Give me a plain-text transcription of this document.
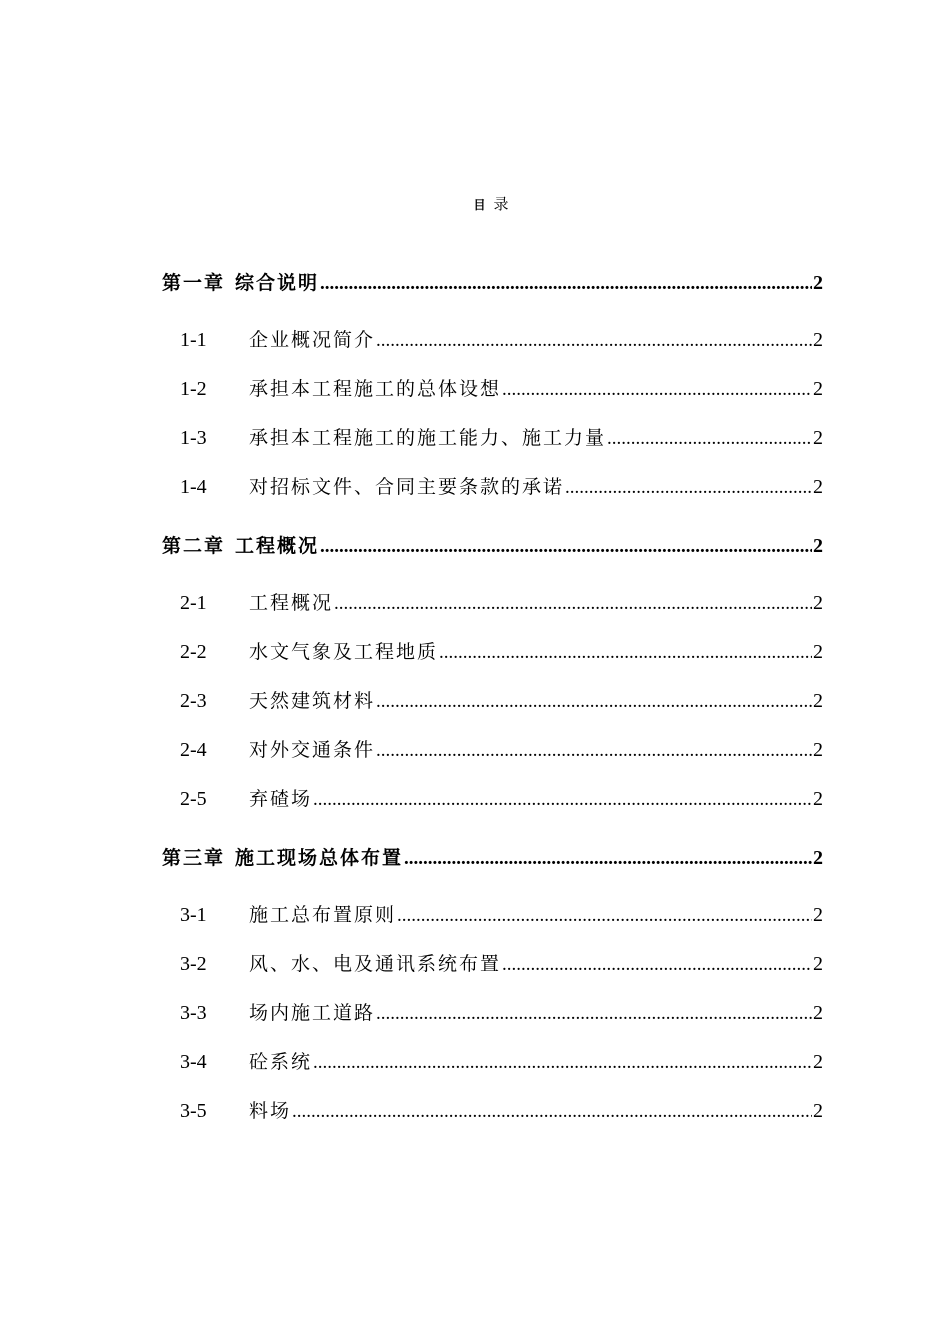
目 录
第一章 综合说明 .....	2
1-1	企业概况简介 .....	2
1-2	承担本工程施工的总体设想 .....	2
1-3	承担本工程施工的施工能力、施工力量 .....	2
1-4	对招标文件、合同主要条款的承诺 .....	2
第二章 工程概况 .....	2
2-1	工程概况 .....	2
2-2	水文气象及工程地质 .....	2
2-3	天然建筑材料 .....	2
2-4	对外交通条件 .....	2
2-5	弃碴场 .....	2
第三章 施工现场总体布置 .....	2
3-1	施工总布置原则 .....	2
3-2	风、水、电及通讯系统布置 .....	2
3-3	场内施工道路 .....	2
3-4	砼系统 .....	2
3-5	料场 .....	2
